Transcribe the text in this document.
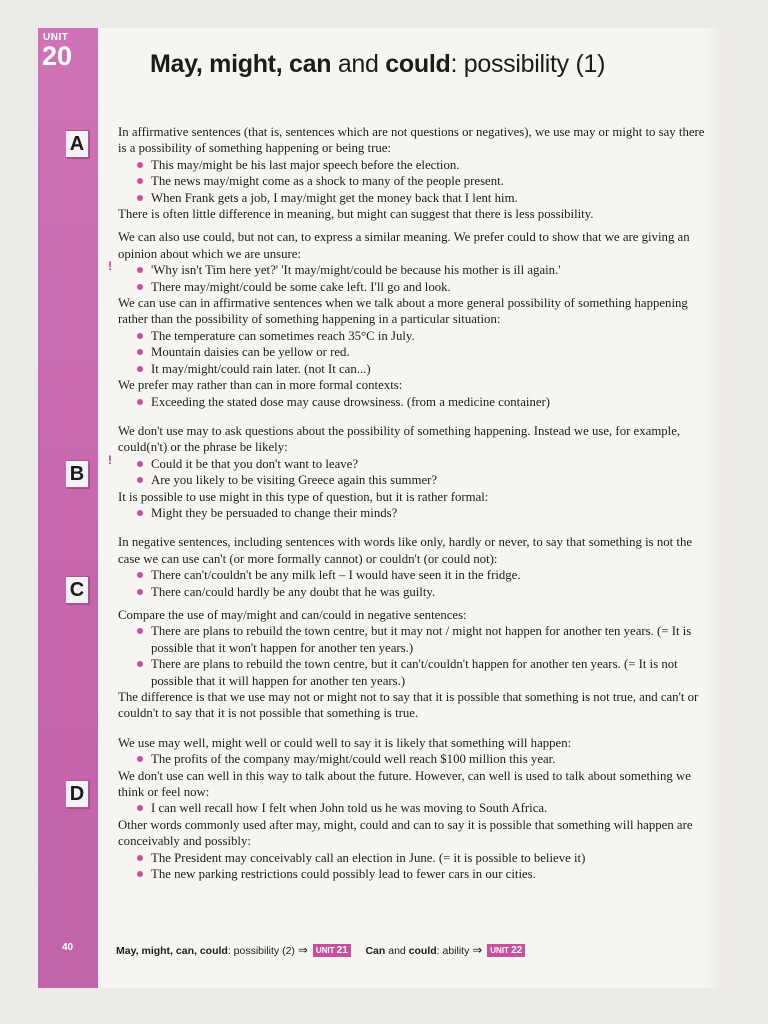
UNIT
20
40
A
B
C
D
May, might, can and could: possibility (1)

In affirmative sentences (that is, sentences which are not questions or negatives), we use may or might to say there is a possibility of something happening or being true:

This may/might be his last major speech before the election.
The news may/might come as a shock to many of the people present.
When Frank gets a job, I may/might get the money back that I lent him.

There is often little difference in meaning, but might can suggest that there is less possibility.

We can also use could, but not can, to express a similar meaning. We prefer could to show that we are giving an opinion about which we are unsure:

!	'Why isn't Tim here yet?' 'It may/might/could be because his mother is ill again.'
There may/might/could be some cake left. I'll go and look.

We can use can in affirmative sentences when we talk about a more general possibility of something happening rather than the possibility of something happening in a particular situation:

The temperature can sometimes reach 35°C in July.
Mountain daisies can be yellow or red.
It may/might/could rain later. (not It can...)

We prefer may rather than can in more formal contexts:

Exceeding the stated dose may cause drowsiness. (from a medicine container)

We don't use may to ask questions about the possibility of something happening. Instead we use, for example, could(n't) or the phrase be likely:

!	Could it be that you don't want to leave?
Are you likely to be visiting Greece again this summer?

It is possible to use might in this type of question, but it is rather formal:

Might they be persuaded to change their minds?

In negative sentences, including sentences with words like only, hardly or never, to say that something is not the case we can use can't (or more formally cannot) or couldn't (or could not):

There can't/couldn't be any milk left – I would have seen it in the fridge.
There can/could hardly be any doubt that he was guilty.

Compare the use of may/might and can/could in negative sentences:

There are plans to rebuild the town centre, but it may not / might not happen for another ten years. (= It is possible that it won't happen for another ten years.)
There are plans to rebuild the town centre, but it can't/couldn't happen for another ten years. (= It is not possible that it will happen for another ten years.)

The difference is that we use may not or might not to say that it is possible that something is not true, and can't or couldn't to say that it is not possible that something is true.

We use may well, might well or could well to say it is likely that something will happen:

The profits of the company may/might/could well reach $100 million this year.

We don't use can well in this way to talk about the future. However, can well is used to talk about something we think or feel now:

I can well recall how I felt when John told us he was moving to South Africa.

Other words commonly used after may, might, could and can to say it is possible that something will happen are conceivably and possibly:

The President may conceivably call an election in June. (= it is possible to believe it)
The new parking restrictions could possibly lead to fewer cars in our cities.
May, might, can, could: possibility (2) ⇒ UNIT 21 Can and could: ability ⇒ UNIT 22
